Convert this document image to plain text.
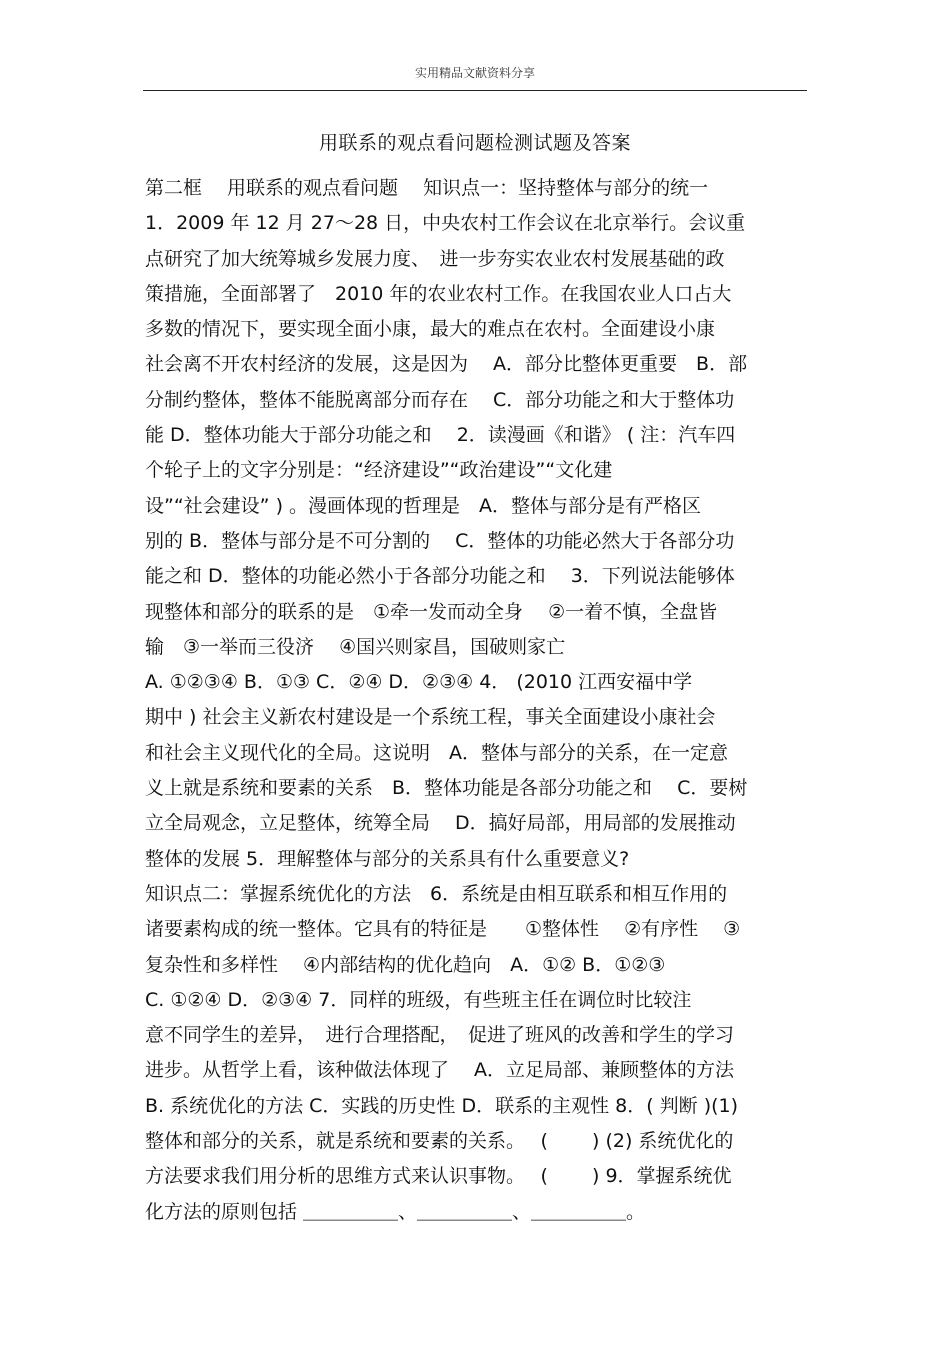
实用精品文献资料分享
用联系的观点看问题检测试题及答案
第二框　 用联系的观点看问题　 知识点一：坚持整体与部分的统一
1．2009 年 12 月 27～28 日，中央农村工作会议在北京举行。会议重
点研究了加大统筹城乡发展力度、　进一步夯实农业农村发展基础的政
策措施，全面部署了　2010 年的农业农村工作。在我国农业人口占大
多数的情况下，要实现全面小康，最大的难点在农村。全面建设小康
社会离不开农村经济的发展，这是因为　 A．部分比整体更重要　B．部
分制约整体，整体不能脱离部分而存在　 C．部分功能之和大于整体功
能 D．整体功能大于部分功能之和　 2．读漫画《和谐》 ( 注：汽车四
个轮子上的文字分别是：“经济建设”“政治建设”“文化建
设”“社会建设” ) 。漫画体现的哲理是　A．整体与部分是有严格区
别的 B．整体与部分是不可分割的　 C．整体的功能必然大于各部分功
能之和 D．整体的功能必然小于各部分功能之和　 3．下列说法能够体
现整体和部分的联系的是　①牵一发而动全身　 ②一着不慎，全盘皆
输　③一举而三役济　 ④国兴则家昌，国破则家亡
A. ①②③④ B．①③ C．②④ D．②③④ 4． (2010 江西安福中学
期中 ) 社会主义新农村建设是一个系统工程，事关全面建设小康社会
和社会主义现代化的全局。这说明　A．整体与部分的关系，在一定意
义上就是系统和要素的关系　B．整体功能是各部分功能之和　 C．要树
立全局观念，立足整体，统筹全局　 D．搞好局部，用局部的发展推动
整体的发展 5．理解整体与部分的关系具有什么重要意义?
知识点二：掌握系统优化的方法　6．系统是由相互联系和相互作用的
诸要素构成的统一整体。它具有的特征是　　①整体性　 ②有序性　 ③
复杂性和多样性　 ④内部结构的优化趋向　A．①② B．①②③
C. ①②④ D．②③④ 7．同样的班级，有些班主任在调位时比较注
意不同学生的差异，　进行合理搭配，　促进了班风的改善和学生的学习
进步。从哲学上看，该种做法体现了　 A．立足局部、兼顾整体的方法
B. 系统优化的方法 C．实践的历史性 D．联系的主观性 8．( 判断 )(1)
整体和部分的关系，就是系统和要素的关系。　 (　　 ) (2) 系统优化的
方法要求我们用分析的思维方式来认识事物。　 (　　 ) 9．掌握系统优
化方法的原则包括 ＿＿＿＿＿、＿＿＿＿＿、＿＿＿＿＿。
